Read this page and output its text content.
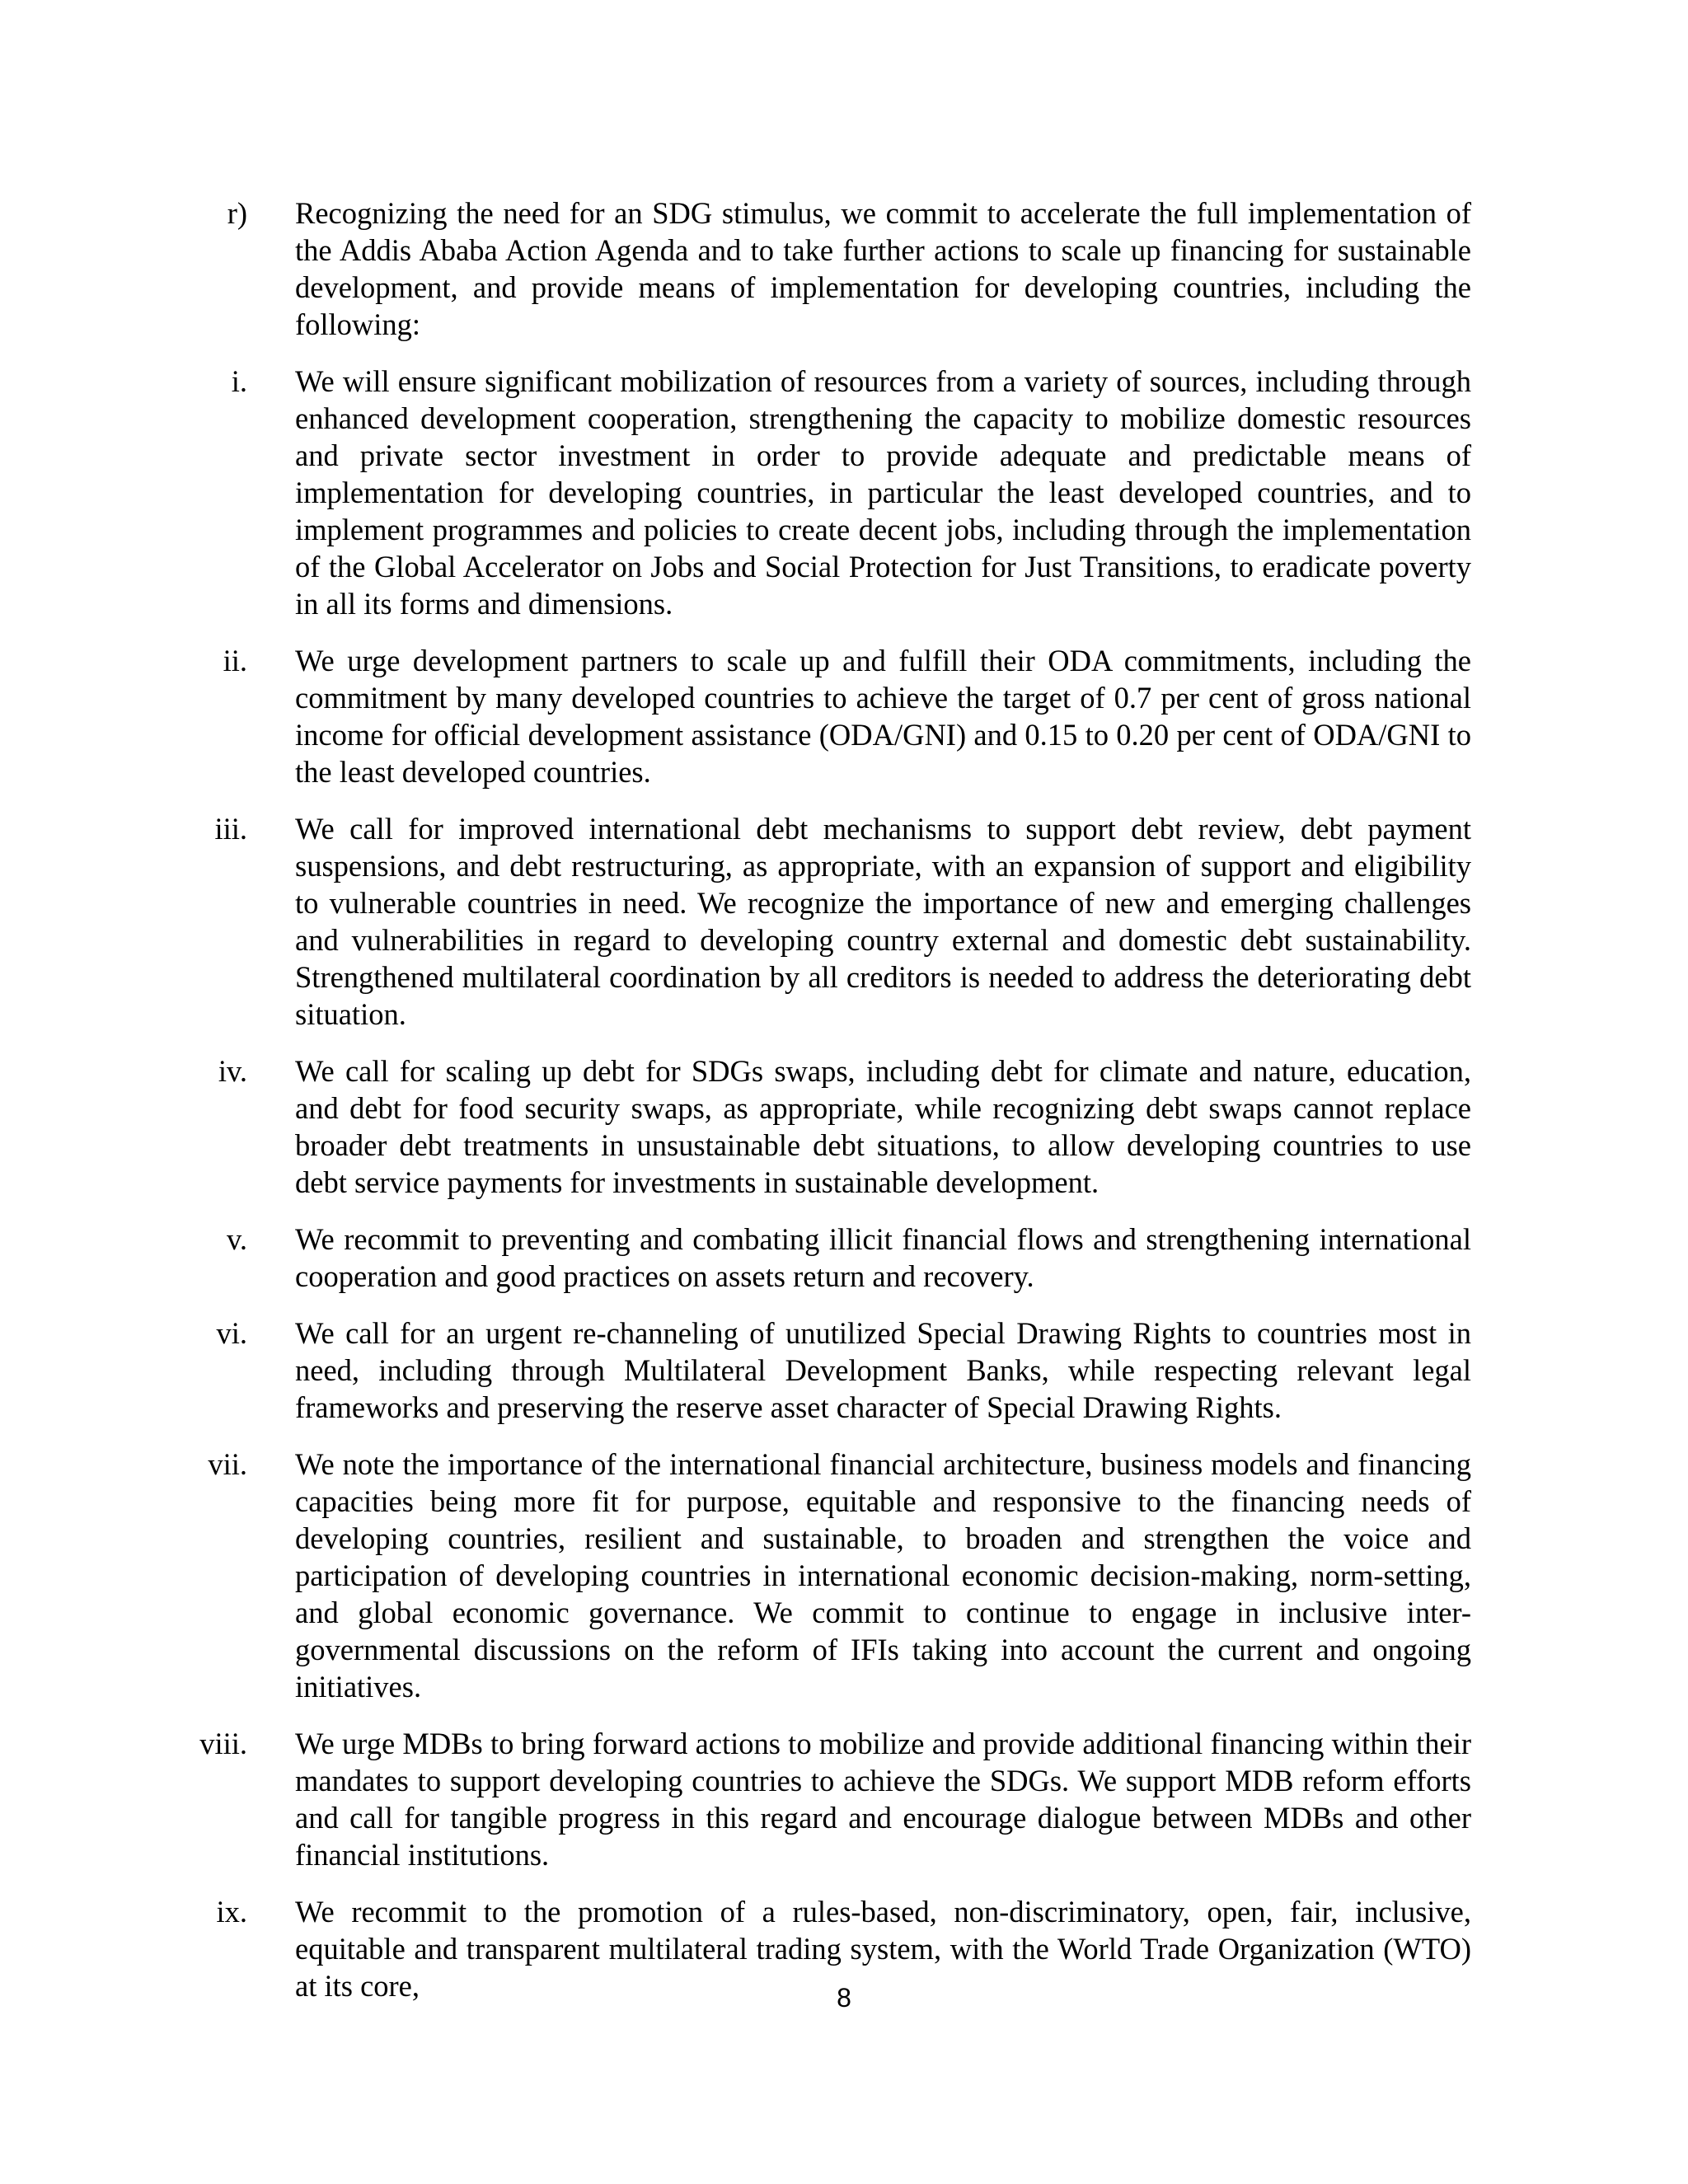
r) Recognizing the need for an SDG stimulus, we commit to accelerate the full implementation of the Addis Ababa Action Agenda and to take further actions to scale up financing for sustainable development, and provide means of implementation for developing countries, including the following:
i. We will ensure significant mobilization of resources from a variety of sources, including through enhanced development cooperation, strengthening the capacity to mobilize domestic resources and private sector investment in order to provide adequate and predictable means of implementation for developing countries, in particular the least developed countries, and to implement programmes and policies to create decent jobs, including through the implementation of the Global Accelerator on Jobs and Social Protection for Just Transitions, to eradicate poverty in all its forms and dimensions.
ii. We urge development partners to scale up and fulfill their ODA commitments, including the commitment by many developed countries to achieve the target of 0.7 per cent of gross national income for official development assistance (ODA/GNI) and 0.15 to 0.20 per cent of ODA/GNI to the least developed countries.
iii. We call for improved international debt mechanisms to support debt review, debt payment suspensions, and debt restructuring, as appropriate, with an expansion of support and eligibility to vulnerable countries in need. We recognize the importance of new and emerging challenges and vulnerabilities in regard to developing country external and domestic debt sustainability. Strengthened multilateral coordination by all creditors is needed to address the deteriorating debt situation.
iv. We call for scaling up debt for SDGs swaps, including debt for climate and nature, education, and debt for food security swaps, as appropriate, while recognizing debt swaps cannot replace broader debt treatments in unsustainable debt situations, to allow developing countries to use debt service payments for investments in sustainable development.
v. We recommit to preventing and combating illicit financial flows and strengthening international cooperation and good practices on assets return and recovery.
vi. We call for an urgent re-channeling of unutilized Special Drawing Rights to countries most in need, including through Multilateral Development Banks, while respecting relevant legal frameworks and preserving the reserve asset character of Special Drawing Rights.
vii. We note the importance of the international financial architecture, business models and financing capacities being more fit for purpose, equitable and responsive to the financing needs of developing countries, resilient and sustainable, to broaden and strengthen the voice and participation of developing countries in international economic decision-making, norm-setting, and global economic governance. We commit to continue to engage in inclusive inter-governmental discussions on the reform of IFIs taking into account the current and ongoing initiatives.
viii. We urge MDBs to bring forward actions to mobilize and provide additional financing within their mandates to support developing countries to achieve the SDGs. We support MDB reform efforts and call for tangible progress in this regard and encourage dialogue between MDBs and other financial institutions.
ix. We recommit to the promotion of a rules-based, non-discriminatory, open, fair, inclusive, equitable and transparent multilateral trading system, with the World Trade Organization (WTO) at its core,	8
